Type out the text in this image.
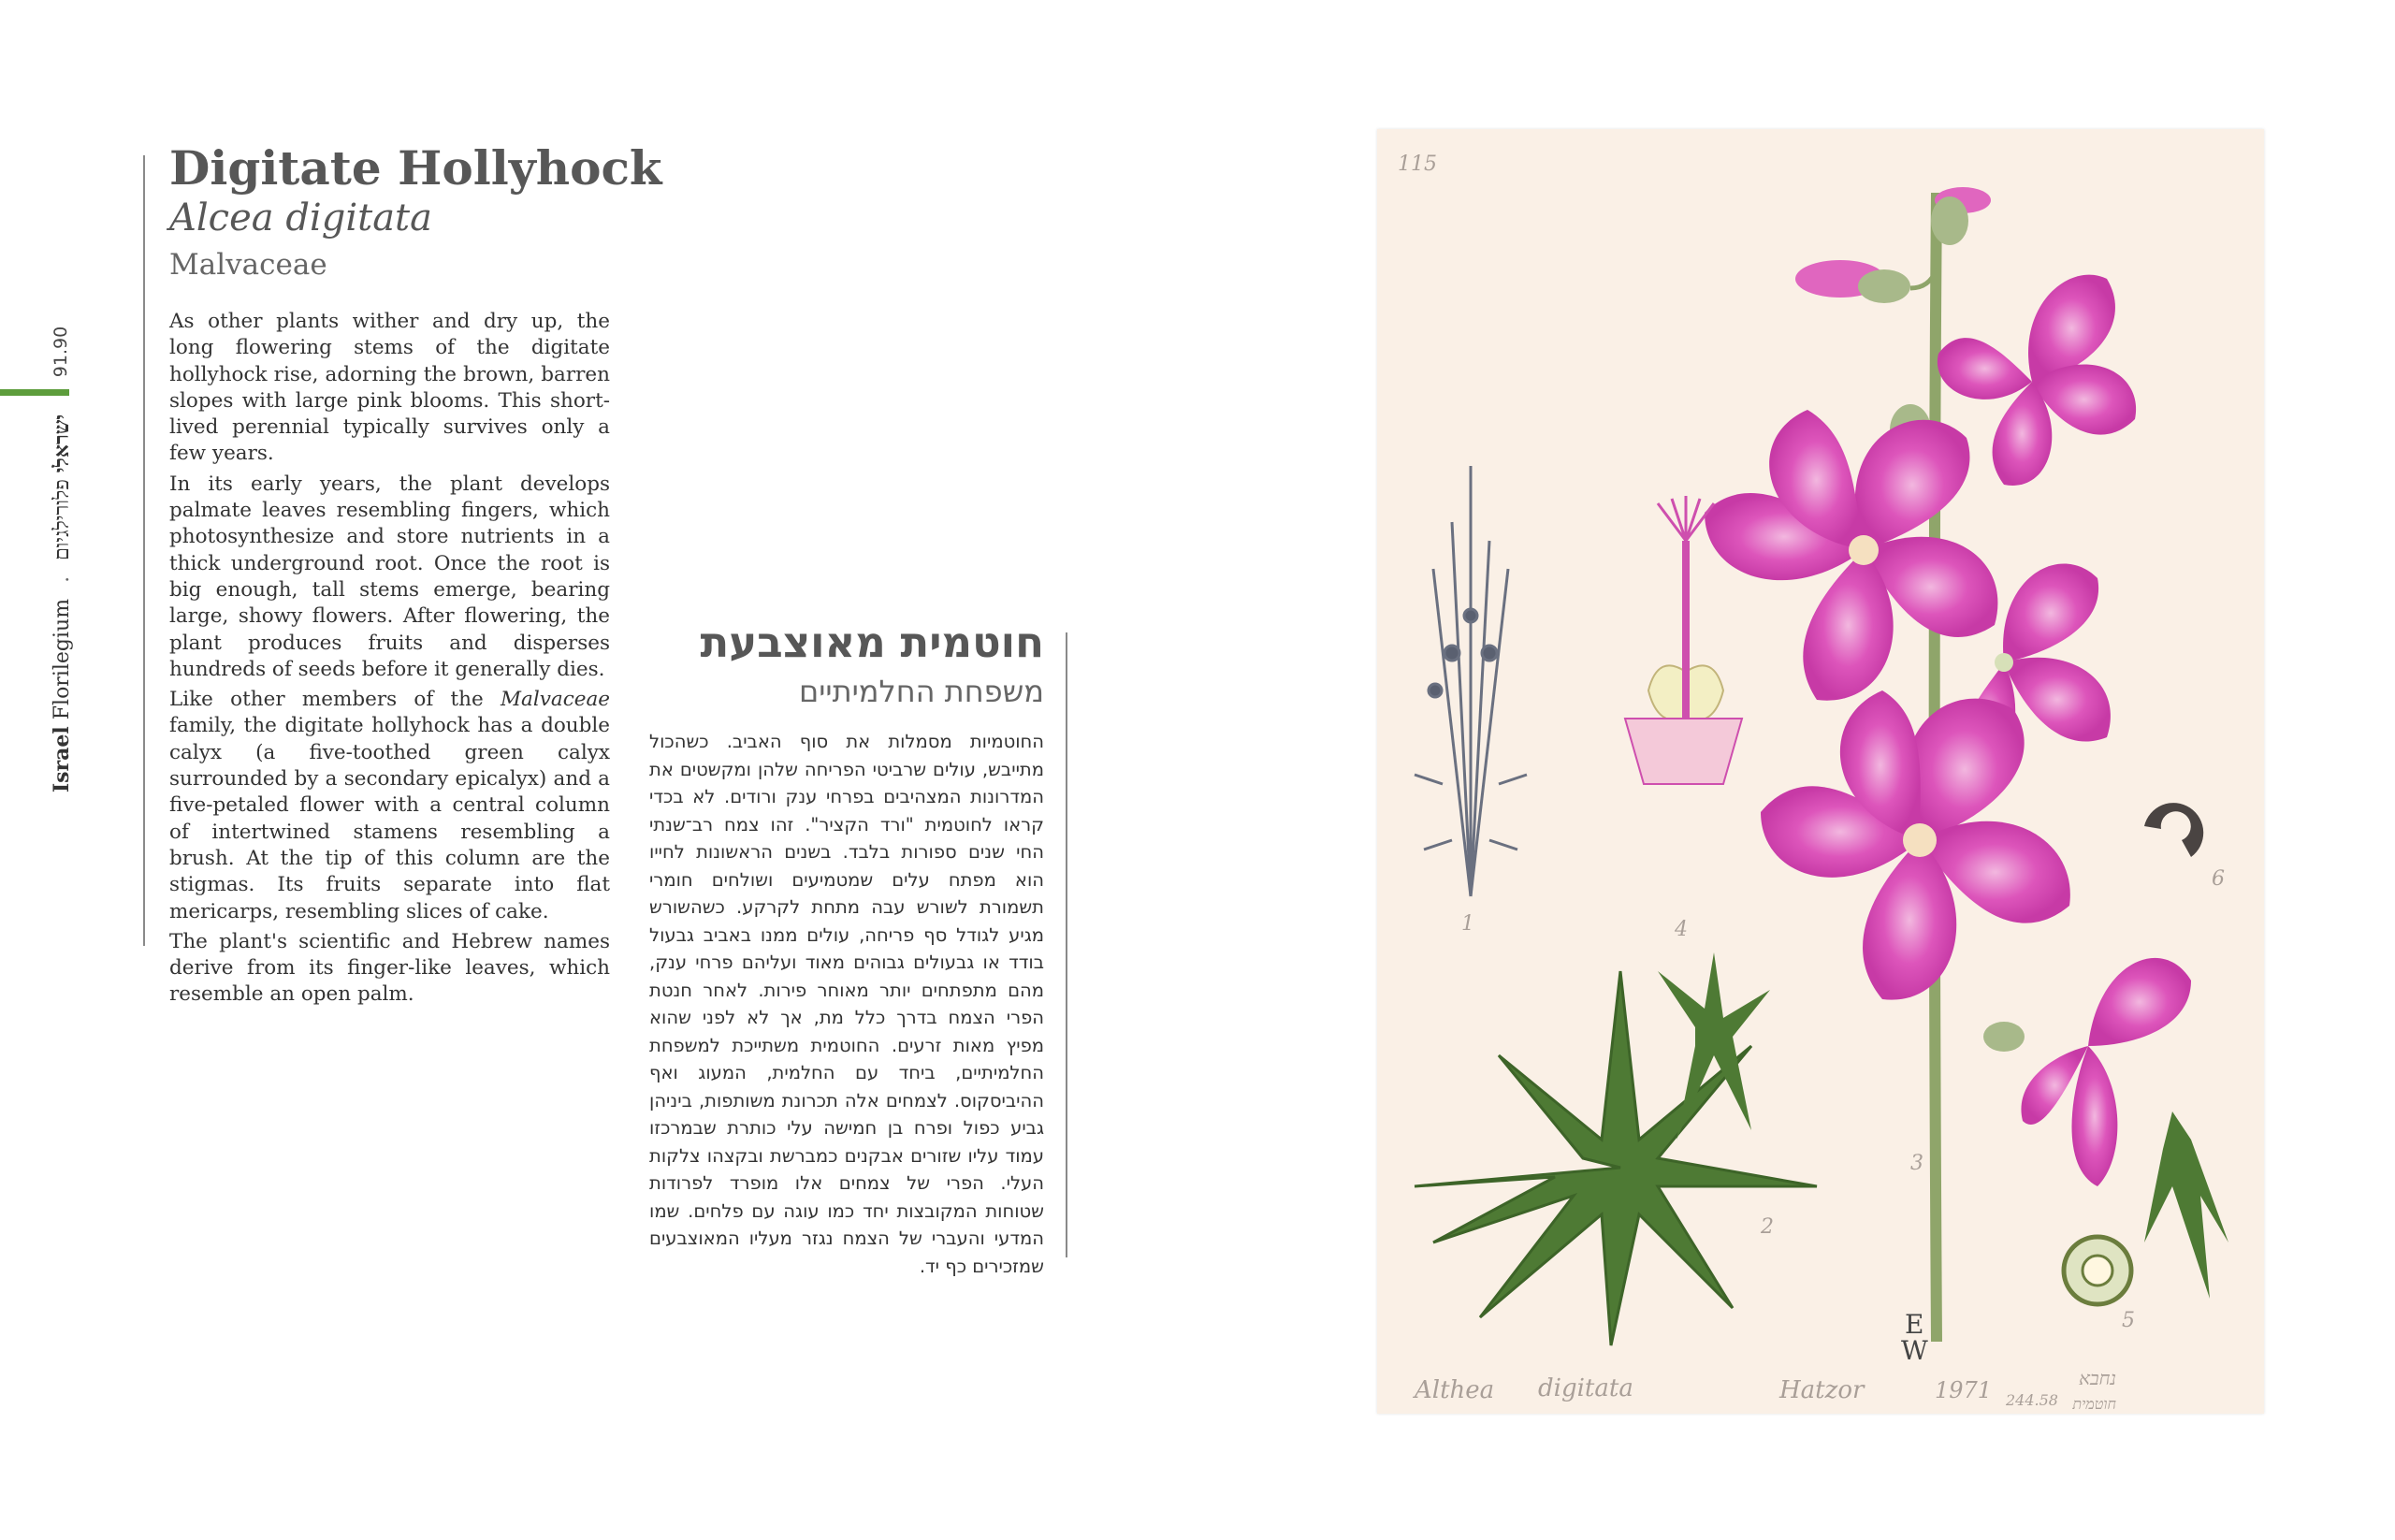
91.90
Israel Florilegium . ישראלי פלורילגיום
Digitate Hollyhock
Alcea digitata
Malvaceae

As other plants wither and dry up, the long flowering stems of the digitate hollyhock rise, adorning the brown, barren slopes with large pink blooms. This short-lived perennial typically survives only a few years.

In its early years, the plant develops palmate leaves resembling fingers, which photosynthesize and store nutrients in a thick underground root. Once the root is big enough, tall stems emerge, bearing large, showy flowers. After flowering, the plant produces fruits and disperses hundreds of seeds before it generally dies.

Like other members of the Malvaceae family, the digitate hollyhock has a double calyx (a five-toothed green calyx surrounded by a secondary epicalyx) and a five-petaled flower with a central column of intertwined stamens resembling a brush. At the tip of this column are the stigmas. Its fruits separate into flat mericarps, resembling slices of cake.

The plant's scientific and Hebrew names derive from its finger-like leaves, which resemble an open palm.

חוטמית מאוצבעת
משפחת החלמיתיים
החוטמיות מסמלות את סוף האביב. כשהכול מתייבש, עולים שרביטי הפריחה שלהן ומקשטים את המדרונות המצהיבים בפרחי ענק ורודים. לא בכדי קראו לחוטמית "ורד הקציר". זהו צמח רב־שנתי החי שנים ספורות בלבד. בשנים הראשונות לחייו הוא מפתח עלים שמטמיעים ושולחים חומרי תשמורת לשורש עבה מתחת לקרקע. כשהשורש מגיע לגודל סף פריחה, עולים ממנו באביב גבעול בודד או גבעולים גבוהים מאוד ועליהם פרחי ענק, מהם מתפתחים יותר מאוחר פירות. לאחר חנטת הפרי הצמח בדרך כלל מת, אך לא לפני שהוא מפיץ מאות זרעים. החוטמית משתייכת למשפחת החלמיתיים, ביחד עם החלמית, המעוג ואף ההיביסקוס. לצמחים אלה תכרונת משותפות, ביניהן גביע כפול ופרח בן חמישה עלי כותרת שבמרכזו עמוד עליו שזורים אבקנים כמברשת ובקצהו צלקות העלי. הפרי של צמחים אלו מופרד לפרודות שטוחות המקובצות יחד כמו עוגה עם פלחים. שמו המדעי והעברי של הצמח נגזר מעליו המאוצבעים שמזכירים כף יד.
115
1
2
3
4
5
6
E
W
Althea digitata	Hatzor	1971 244.58
נחבא
חוטמית
